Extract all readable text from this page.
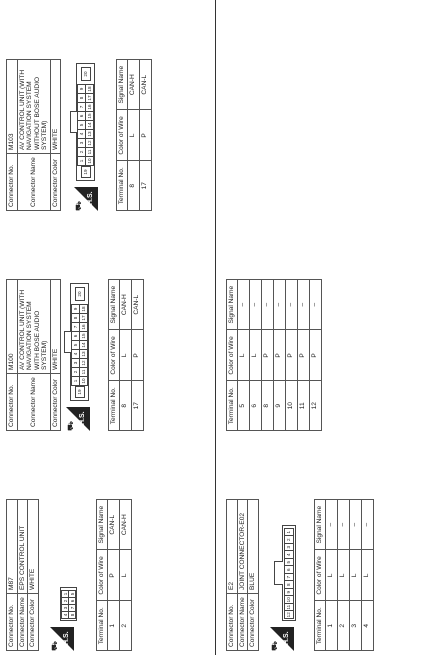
Connector No.	M87
Connector Name	EPS CONTROL UNIT
Connector Color	WHITE
⛟
H.S.
4
3
2
1
8
7
6
5
Terminal No.	Color of Wire	Signal Name
1	P	CAN-L
2	L	CAN-H
Connector No.	M100
Connector Name	AV CONTROL UNIT (WITH NAVIGATION SYSTEM WITH BOSE AUDIO SYSTEM)
Connector Color	WHITE
⛟
H.S.
19
1
2
3
4
5
6
7
8
9
10
11
12
13
14
15
16
17
18
20
Terminal No.	Color of Wire	Signal Name
8	L	CAN-H
17	P	CAN-L
Connector No.	M103
Connector Name	AV CONTROL UNIT (WITH NAVIGATION SYSTEM WITHOUT BOSE AUDIO SYSTEM)
Connector Color	WHITE
⛟
H.S.
19
1
2
3
4
5
6
7
8
9
10
11
12
13
14
15
16
17
18
20
Terminal No.	Color of Wire	Signal Name
8	L	CAN-H
17	P	CAN-L
Connector No.	E2
Connector Name	JOINT CONNECTOR-E02
Connector Color	BLUE
⛟
H.S.
12
11
10
9
8
7
6
5
4
3
2
1
Terminal No.	Color of Wire	Signal Name
1	L	–
2	L	–
3	L	–
4	L	–
Terminal No.	Color of Wire	Signal Name
5	L	–
6	L	–
8	P	–
9	P	–
10	P	–
11	P	–
12	P	–
